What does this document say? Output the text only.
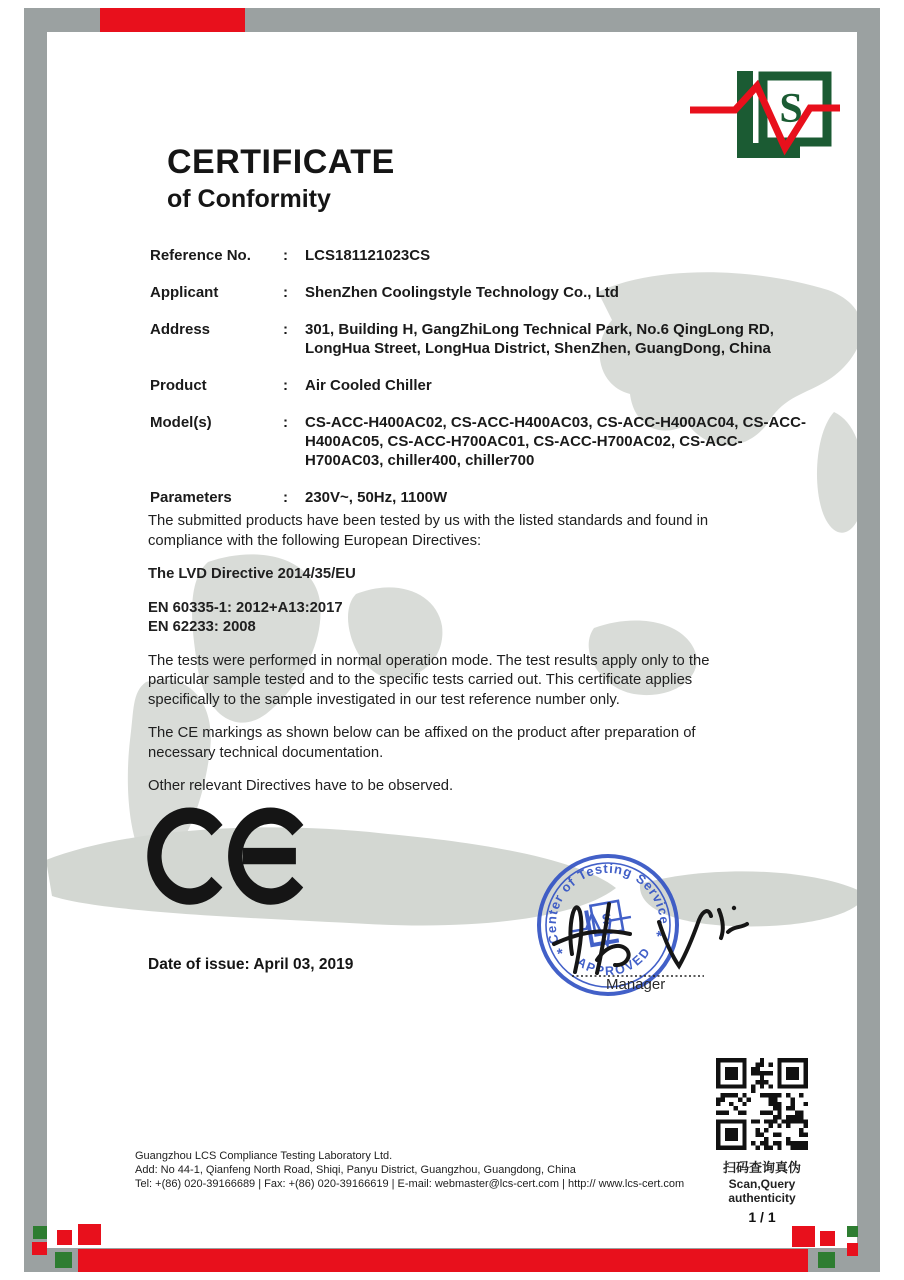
S
CERTIFICATE
of Conformity
Reference No.	:	LCS181121023CS
Applicant	:	ShenZhen Coolingstyle Technology Co., Ltd
Address	:	301, Building H, GangZhiLong Technical Park, No.6 QingLong RD, LongHua Street, LongHua District, ShenZhen, GuangDong, China
Product	:	Air Cooled Chiller
Model(s)	:	CS-ACC-H400AC02, CS-ACC-H400AC03, CS-ACC-H400AC04, CS-ACC-H400AC05, CS-ACC-H700AC01, CS-ACC-H700AC02, CS-ACC-H700AC03, chiller400, chiller700
Parameters	:	230V~, 50Hz, 1100W

The submitted products have been tested by us with the listed standards and found in compliance with the following European Directives:

The LVD Directive 2014/35/EU

EN 60335-1: 2012+A13:2017
EN 62233: 2008

The tests were performed in normal operation mode. The test results apply only to the particular sample tested and to the specific tests carried out. This certificate applies specifically to the sample investigated in our test reference number only.

The CE markings as shown below can be affixed on the product after preparation of necessary technical documentation.

Other relevant Directives have to be observed.

Date of issue: April 03, 2019
Center of Testing Service
APPROVED
*
*
S
Manager
扫码查询真伪
Scan,Query authenticity
1 / 1
Guangzhou LCS Compliance Testing Laboratory Ltd.
Add: No 44-1, Qianfeng North Road, Shiqi, Panyu District, Guangzhou, Guangdong, China
Tel: +(86) 020-39166689 | Fax: +(86) 020-39166619 | E-mail: webmaster@lcs-cert.com | http:// www.lcs-cert.com
